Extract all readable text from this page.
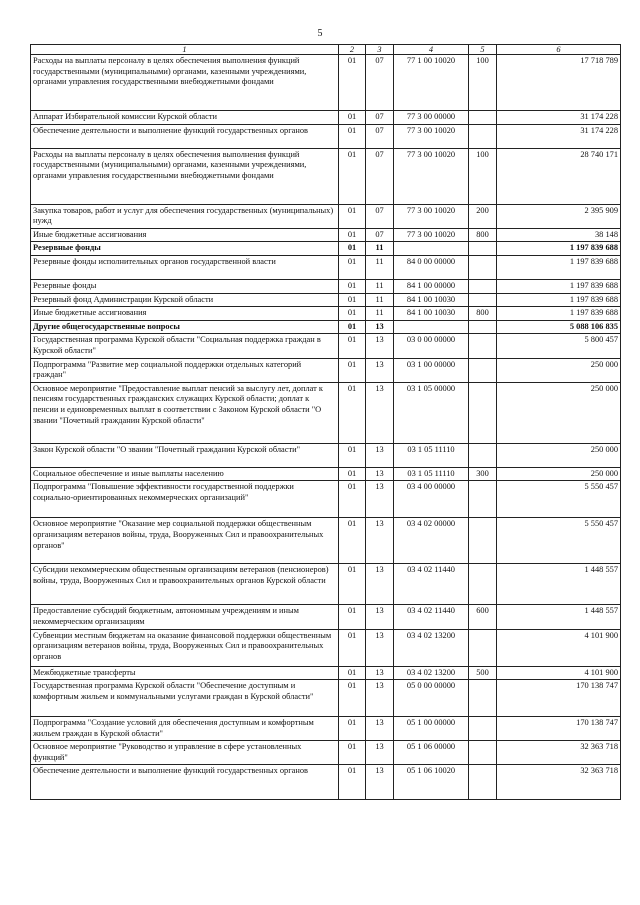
5
1	2	3	4	5	6
Расходы на выплаты персоналу в целях обеспечения выполнения функций государственными (муниципальными) органами, казенными учреждениями, органами управления государственными внебюджетными фондами	01	07	77 1 00 10020	100	17 718 789
Аппарат Избирательной комиссии Курской области	01	07	77 3 00 00000		31 174 228
Обеспечение деятельности и выполнение функций государственных органов	01	07	77 3 00 10020		31 174 228
Расходы на выплаты персоналу в целях обеспечения выполнения функций государственными (муниципальными) органами, казенными учреждениями, органами управления государственными внебюджетными фондами	01	07	77 3 00 10020	100	28 740 171
Закупка товаров, работ и услуг для обеспечения государственных (муниципальных) нужд	01	07	77 3 00 10020	200	2 395 909
Иные бюджетные ассигнования	01	07	77 3 00 10020	800	38 148
Резервные фонды	01	11			1 197 839 688
Резервные фонды исполнительных органов государственной власти	01	11	84 0 00 00000		1 197 839 688
Резервные фонды	01	11	84 1 00 00000		1 197 839 688
Резервный фонд Администрации Курской области	01	11	84 1 00 10030		1 197 839 688
Иные бюджетные ассигнования	01	11	84 1 00 10030	800	1 197 839 688
Другие общегосударственные вопросы	01	13			5 088 106 835
Государственная программа Курской области "Социальная поддержка граждан в Курской области"	01	13	03 0 00 00000		5 800 457
Подпрограмма "Развитие мер социальной поддержки отдельных категорий граждан"	01	13	03 1 00 00000		250 000
Основное мероприятие "Предоставление выплат пенсий за выслугу лет, доплат к пенсиям государственных гражданских служащих Курской области; доплат к пенсии и единовременных выплат в соответствии с Законом Курской области "О звании "Почетный гражданин Курской области"	01	13	03 1 05 00000		250 000
Закон Курской области "О звании "Почетный гражданин Курской области"	01	13	03 1 05 11110		250 000
Социальное обеспечение и иные выплаты населению	01	13	03 1 05 11110	300	250 000
Подпрограмма "Повышение эффективности государственной поддержки социально-ориентированных некоммерческих организаций"	01	13	03 4 00 00000		5 550 457
Основное мероприятие "Оказание мер социальной поддержки общественным организациям ветеранов войны, труда, Вооруженных Сил и правоохранительных органов"	01	13	03 4 02 00000		5 550 457
Субсидии некоммерческим общественным организациям ветеранов (пенсионеров) войны, труда, Вооруженных Сил и правоохранительных органов Курской области	01	13	03 4 02 11440		1 448 557
Предоставление субсидий бюджетным, автономным учреждениям и иным некоммерческим организациям	01	13	03 4 02 11440	600	1 448 557
Субвенции местным бюджетам на оказание финансовой поддержки общественным организациям ветеранов войны, труда, Вооруженных Сил и правоохранительных органов	01	13	03 4 02 13200		4 101 900
Межбюджетные трансферты	01	13	03 4 02 13200	500	4 101 900
Государственная программа Курской области "Обеспечение доступным и комфортным жильем и коммунальными услугами граждан в Курской области"	01	13	05 0 00 00000		170 138 747
Подпрограмма "Создание условий для обеспечения доступным и комфортным жильем граждан в Курской области"	01	13	05 1 00 00000		170 138 747
Основное мероприятие "Руководство и управление в сфере установленных функций"	01	13	05 1 06 00000		32 363 718
Обеспечение деятельности и выполнение функций государственных органов	01	13	05 1 06 10020		32 363 718
